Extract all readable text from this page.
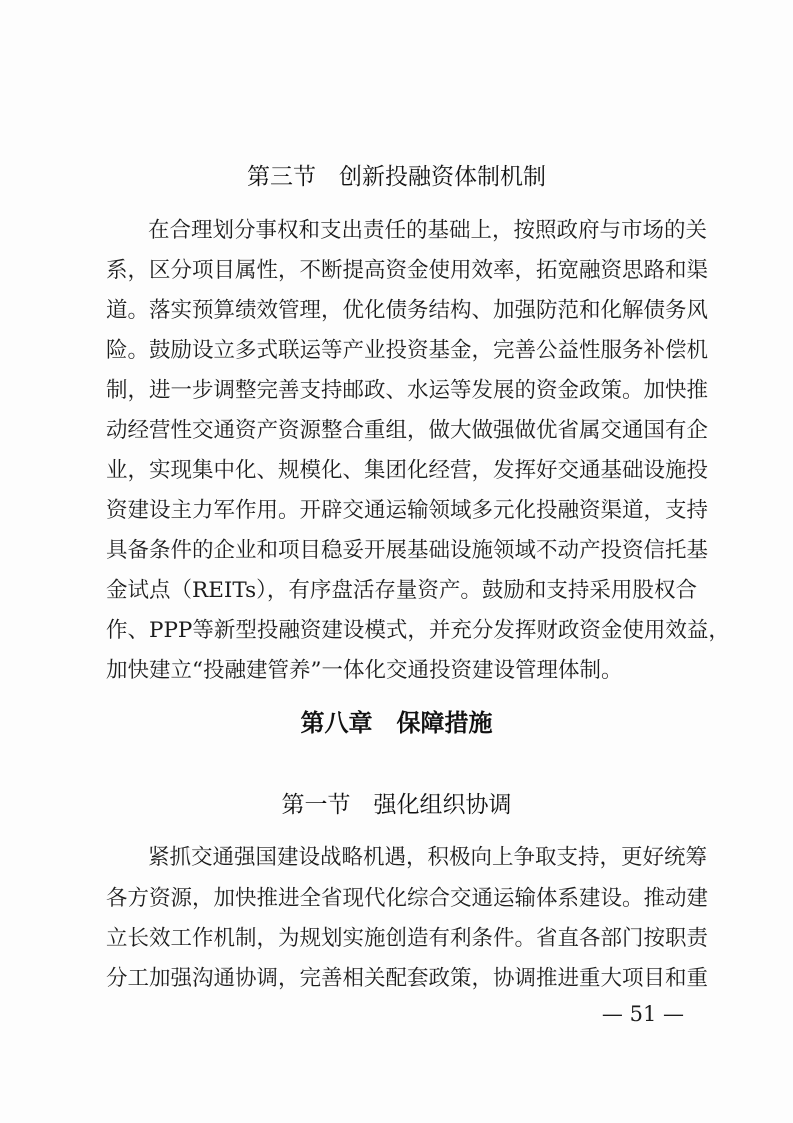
第三节　创新投融资体制机制
在合理划分事权和支出责任的基础上，按照政府与市场的关
系，区分项目属性，不断提高资金使用效率，拓宽融资思路和渠
道。落实预算绩效管理，优化债务结构、加强防范和化解债务风
险。鼓励设立多式联运等产业投资基金，完善公益性服务补偿机
制，进一步调整完善支持邮政、水运等发展的资金政策。加快推
动经营性交通资产资源整合重组，做大做强做优省属交通国有企
业，实现集中化、规模化、集团化经营，发挥好交通基础设施投
资建设主力军作用。开辟交通运输领域多元化投融资渠道，支持
具备条件的企业和项目稳妥开展基础设施领域不动产投资信托基
金试点（REITs），有序盘活存量资产。鼓励和支持采用股权合
作、PPP等新型投融资建设模式，并充分发挥财政资金使用效益，
加快建立“投融建管养”一体化交通投资建设管理体制。
第八章　保障措施
第一节　强化组织协调
紧抓交通强国建设战略机遇，积极向上争取支持，更好统筹
各方资源，加快推进全省现代化综合交通运输体系建设。推动建
立长效工作机制，为规划实施创造有利条件。省直各部门按职责
分工加强沟通协调，完善相关配套政策，协调推进重大项目和重
— 51 —
